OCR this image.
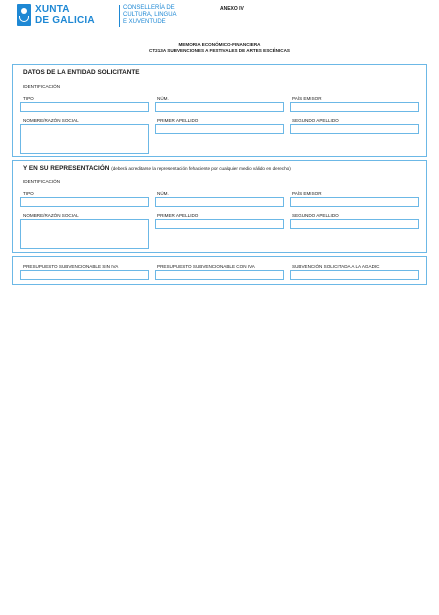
XUNTA
DE GALICIA
CONSELLERÍA DE
CULTURA, LINGUA
E XUVENTUDE
ANEXO IV
MEMORIA ECONÓMICO-FINANCIERA
CT213A SUBVENCIONES A FESTIVALES DE ARTES ESCÉNICAS
DATOS DE LA ENTIDAD SOLICITANTE
IDENTIFICACIÓN
TIPO	NÚM.	PAÍS EMISOR
NOMBRE/RAZÓN SOCIAL	PRIMER APELLIDO	SEGUNDO APELLIDO
Y EN SU REPRESENTACIÓN (deberá acreditarse la representación fehaciente por cualquier medio válido en derecho)
IDENTIFICACIÓN
TIPO	NÚM.	PAÍS EMISOR
NOMBRE/RAZÓN SOCIAL	PRIMER APELLIDO	SEGUNDO APELLIDO
PRESUPUESTO SUBVENCIONABLE SIN IVA	PRESUPUESTO SUBVENCIONABLE CON IVA	SUBVENCIÓN SOLICITADA A LA AGADIC
